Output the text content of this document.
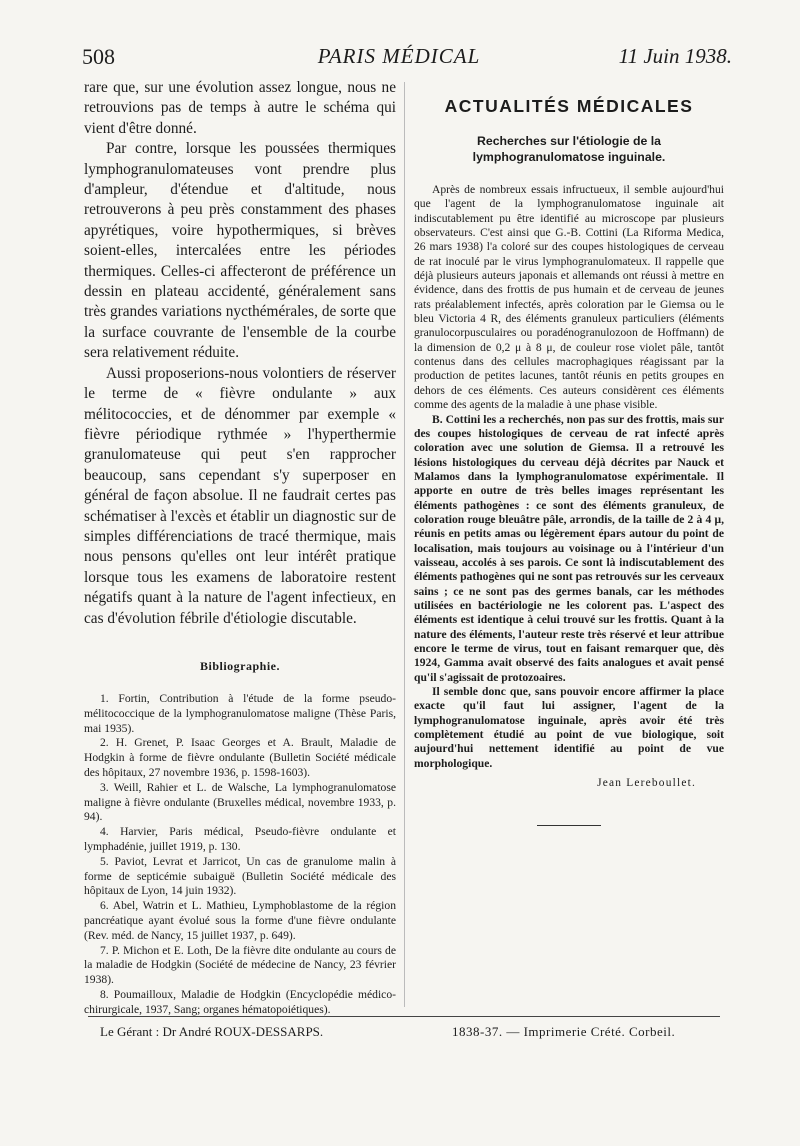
508	PARIS MÉDICAL	11 Juin 1938.

rare que, sur une évolution assez longue, nous ne retrouvions pas de temps à autre le schéma qui vient d'être donné.

Par contre, lorsque les poussées thermiques lymphogranulomateuses vont prendre plus d'ampleur, d'étendue et d'altitude, nous retrouverons à peu près constamment des phases apyrétiques, voire hypothermiques, si brèves soient-elles, intercalées entre les périodes thermiques. Celles-ci affecteront de préférence un dessin en plateau accidenté, généralement sans très grandes variations nycthémérales, de sorte que la surface couvrante de l'ensemble de la courbe sera relativement réduite.

Aussi proposerions-nous volontiers de réserver le terme de « fièvre ondulante » aux mélitococcies, et de dénommer par exemple « fièvre périodique rythmée » l'hyperthermie granulomateuse qui peut s'en rapprocher beaucoup, sans cependant s'y superposer en général de façon absolue. Il ne faudrait certes pas schématiser à l'excès et établir un diagnostic sur de simples différenciations de tracé thermique, mais nous pensons qu'elles ont leur intérêt pratique lorsque tous les examens de laboratoire restent négatifs quant à la nature de l'agent infectieux, en cas d'évolution fébrile d'étiologie discutable.

Bibliographie.

1. Fortin, Contribution à l'étude de la forme pseudo-mélitococcique de la lymphogranulomatose maligne (Thèse Paris, mai 1935).

2. H. Grenet, P. Isaac Georges et A. Brault, Maladie de Hodgkin à forme de fièvre ondulante (Bulletin Société médicale des hôpitaux, 27 novembre 1936, p. 1598-1603).

3. Weill, Rahier et L. de Walsche, La lymphogranulomatose maligne à fièvre ondulante (Bruxelles médical, novembre 1933, p. 94).

4. Harvier, Paris médical, Pseudo-fièvre ondulante et lymphadénie, juillet 1919, p. 130.

5. Paviot, Levrat et Jarricot, Un cas de granulome malin à forme de septicémie subaiguë (Bulletin Société médicale des hôpitaux de Lyon, 14 juin 1932).

6. Abel, Watrin et L. Mathieu, Lymphoblastome de la région pancréatique ayant évolué sous la forme d'une fièvre ondulante (Rev. méd. de Nancy, 15 juillet 1937, p. 649).

7. P. Michon et E. Loth, De la fièvre dite ondulante au cours de la maladie de Hodgkin (Société de médecine de Nancy, 23 février 1938).

8. Poumailloux, Maladie de Hodgkin (Encyclopédie médico-chirurgicale, 1937, Sang; organes hématopoiétiques).

ACTUALITÉS MÉDICALES
Recherches sur l'étiologie de la lymphogranulomatose inguinale.

Après de nombreux essais infructueux, il semble aujourd'hui que l'agent de la lymphogranulomatose inguinale ait indiscutablement pu être identifié au microscope par plusieurs observateurs. C'est ainsi que G.-B. Cottini (La Riforma Medica, 26 mars 1938) l'a coloré sur des coupes histologiques de cerveau de rat inoculé par le virus lymphogranulomateux. Il rappelle que déjà plusieurs auteurs japonais et allemands ont réussi à mettre en évidence, dans des frottis de pus humain et de cerveau de jeunes rats préalablement infectés, après coloration par le Giemsa ou le bleu Victoria 4 R, des éléments granuleux particuliers (éléments granulocorpusculaires ou poradénogranulozoon de Hoffmann) de la dimension de 0,2 μ à 8 μ, de couleur rose violet pâle, tantôt contenus dans des cellules macrophagiques réagissant par la production de petites lacunes, tantôt réunis en petits groupes en dehors de ces éléments. Ces auteurs considèrent ces éléments comme des agents de la maladie à une phase visible.

B. Cottini les a recherchés, non pas sur des frottis, mais sur des coupes histologiques de cerveau de rat infecté après coloration avec une solution de Giemsa. Il a retrouvé les lésions histologiques du cerveau déjà décrites par Nauck et Malamos dans la lymphogranulomatose expérimentale. Il apporte en outre de très belles images représentant les éléments pathogènes : ce sont des éléments granuleux, de coloration rouge bleuâtre pâle, arrondis, de la taille de 2 à 4 μ, réunis en petits amas ou légèrement épars autour du point de localisation, mais toujours au voisinage ou à l'intérieur d'un vaisseau, accolés à ses parois. Ce sont là indiscutablement des éléments pathogènes qui ne sont pas retrouvés sur les cerveaux sains ; ce ne sont pas des germes banals, car les méthodes utilisées en bactériologie ne les colorent pas. L'aspect des éléments est identique à celui trouvé sur les frottis. Quant à la nature des éléments, l'auteur reste très réservé et leur attribue encore le terme de virus, tout en faisant remarquer que, dès 1924, Gamma avait observé des faits analogues et avait pensé qu'il s'agissait de protozoaires.

Il semble donc que, sans pouvoir encore affirmer la place exacte qu'il faut lui assigner, l'agent de la lymphogranulomatose inguinale, après avoir été très complètement étudié au point de vue biologique, soit aujourd'hui nettement identifié au point de vue morphologique.

Jean Lereboullet.
Le Gérant : Dr André ROUX-DESSARPS.	1838-37. — Imprimerie Crété. Corbeil.
